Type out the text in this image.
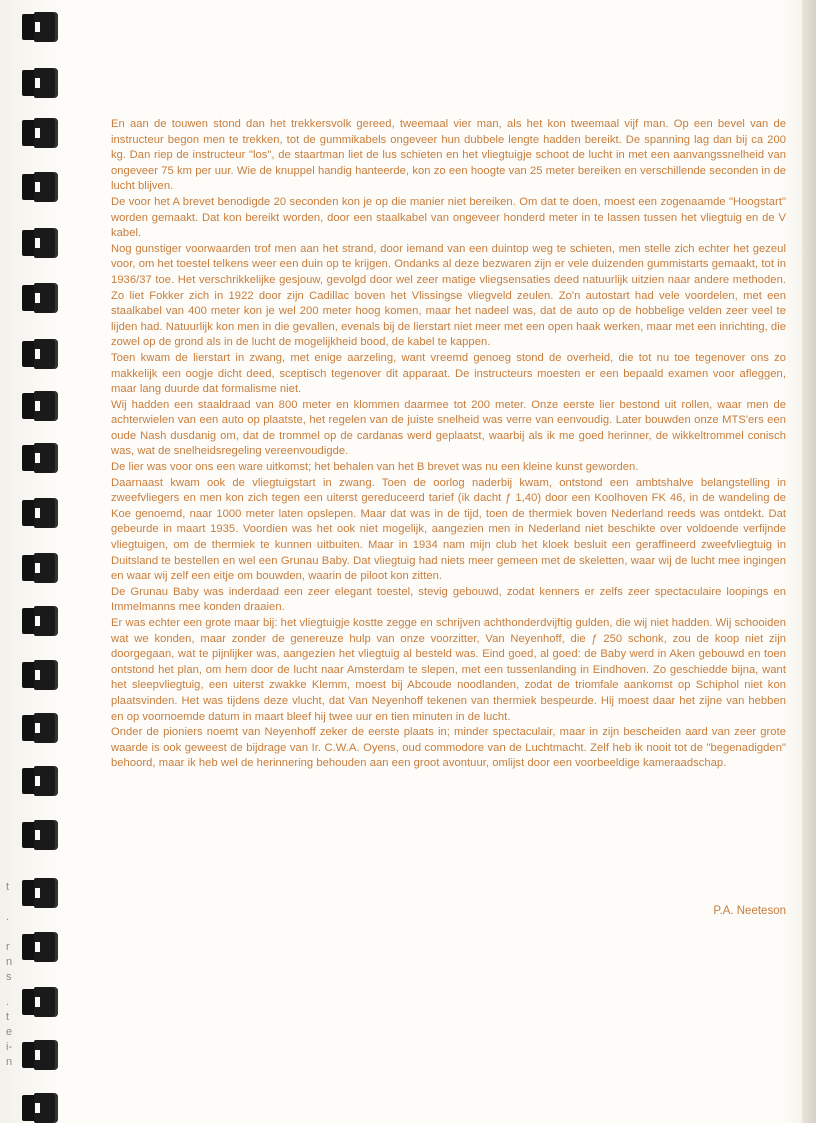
t

.

r
n
s
.
t
e
i-
n

En aan de touwen stond dan het trekkersvolk gereed, tweemaal vier man, als het kon tweemaal vijf man. Op een bevel van de instructeur begon men te trekken, tot de gummikabels ongeveer hun dubbele lengte hadden bereikt. De spanning lag dan bij ca 200 kg. Dan riep de instructeur "los", de staartman liet de lus schieten en het vliegtuigje schoot de lucht in met een aanvangssnelheid van ongeveer 75 km per uur. Wie de knuppel handig hanteerde, kon zo een hoogte van 25 meter bereiken en verschillende seconden in de lucht blijven.

De voor het A brevet benodigde 20 seconden kon je op die manier niet bereiken. Om dat te doen, moest een zogenaamde "Hoogstart" worden gemaakt. Dat kon bereikt worden, door een staalkabel van ongeveer honderd meter in te lassen tussen het vliegtuig en de V kabel.

Nog gunstiger voorwaarden trof men aan het strand, door iemand van een duintop weg te schieten, men stelle zich echter het gezeul voor, om het toestel telkens weer een duin op te krijgen. Ondanks al deze bezwaren zijn er vele duizenden gummistarts gemaakt, tot in 1936/37 toe. Het verschrikkelijke gesjouw, gevolgd door wel zeer matige vliegsensaties deed natuurlijk uitzien naar andere methoden. Zo liet Fokker zich in 1922 door zijn Cadillac boven het Vlissingse vliegveld zeulen. Zo'n autostart had vele voordelen, met een staalkabel van 400 meter kon je wel 200 meter hoog komen, maar het nadeel was, dat de auto op de hobbelige velden zeer veel te lijden had. Natuurlijk kon men in die gevallen, evenals bij de lierstart niet meer met een open haak werken, maar met een inrichting, die zowel op de grond als in de lucht de mogelijkheid bood, de kabel te kappen.

Toen kwam de lierstart in zwang, met enige aarzeling, want vreemd genoeg stond de overheid, die tot nu toe tegenover ons zo makkelijk een oogje dicht deed, sceptisch tegenover dit apparaat. De instructeurs moesten er een bepaald examen voor afleggen, maar lang duurde dat formalisme niet.

Wij hadden een staaldraad van 800 meter en klommen daarmee tot 200 meter. Onze eerste lier bestond uit rollen, waar men de achterwielen van een auto op plaatste, het regelen van de juiste snelheid was verre van eenvoudig. Later bouwden onze MTS'ers een oude Nash dusdanig om, dat de trommel op de cardanas werd geplaatst, waarbij als ik me goed herinner, de wikkeltrommel conisch was, wat de snelheidsregeling vereenvoudigde.

De lier was voor ons een ware uitkomst; het behalen van het B brevet was nu een kleine kunst geworden.

Daarnaast kwam ook de vliegtuigstart in zwang. Toen de oorlog naderbij kwam, ontstond een ambtshalve belangstelling in zweefvliegers en men kon zich tegen een uiterst gereduceerd tarief (ik dacht ƒ 1,40) door een Koolhoven FK 46, in de wandeling de Koe genoemd, naar 1000 meter laten opslepen. Maar dat was in de tijd, toen de thermiek boven Nederland reeds was ontdekt. Dat gebeurde in maart 1935. Voordien was het ook niet mogelijk, aangezien men in Nederland niet beschikte over voldoende verfijnde vliegtuigen, om de thermiek te kunnen uitbuiten. Maar in 1934 nam mijn club het kloek besluit een geraffineerd zweefvliegtuig in Duitsland te bestellen en wel een Grunau Baby. Dat vliegtuig had niets meer gemeen met de skeletten, waar wij de lucht mee ingingen en waar wij zelf een eitje om bouwden, waarin de piloot kon zitten.

De Grunau Baby was inderdaad een zeer elegant toestel, stevig gebouwd, zodat kenners er zelfs zeer spectaculaire loopings en Immelmanns mee konden draaien.

Er was echter een grote maar bij: het vliegtuigje kostte zegge en schrijven achthonderdvijftig gulden, die wij niet hadden. Wij schooiden wat we konden, maar zonder de genereuze hulp van onze voorzitter, Van Neyenhoff, die ƒ 250 schonk, zou de koop niet zijn doorgegaan, wat te pijnlijker was, aangezien het vliegtuig al besteld was. Eind goed, al goed: de Baby werd in Aken gebouwd en toen ontstond het plan, om hem door de lucht naar Amsterdam te slepen, met een tussenlanding in Eindhoven. Zo geschiedde bijna, want het sleepvliegtuig, een uiterst zwakke Klemm, moest bij Abcoude noodlanden, zodat de triomfale aankomst op Schiphol niet kon plaatsvinden. Het was tijdens deze vlucht, dat Van Neyenhoff tekenen van thermiek bespeurde. Hij moest daar het zijne van hebben en op voornoemde datum in maart bleef hij twee uur en tien minuten in de lucht.

Onder de pioniers noemt van Neyenhoff zeker de eerste plaats in; minder spectaculair, maar in zijn bescheiden aard van zeer grote waarde is ook geweest de bijdrage van Ir. C.W.A. Oyens, oud commodore van de Luchtmacht. Zelf heb ik nooit tot de "begenadigden" behoord, maar ik heb wel de herinnering behouden aan een groot avontuur, omlijst door een voorbeeldige kameraadschap.

P.A. Neeteson
